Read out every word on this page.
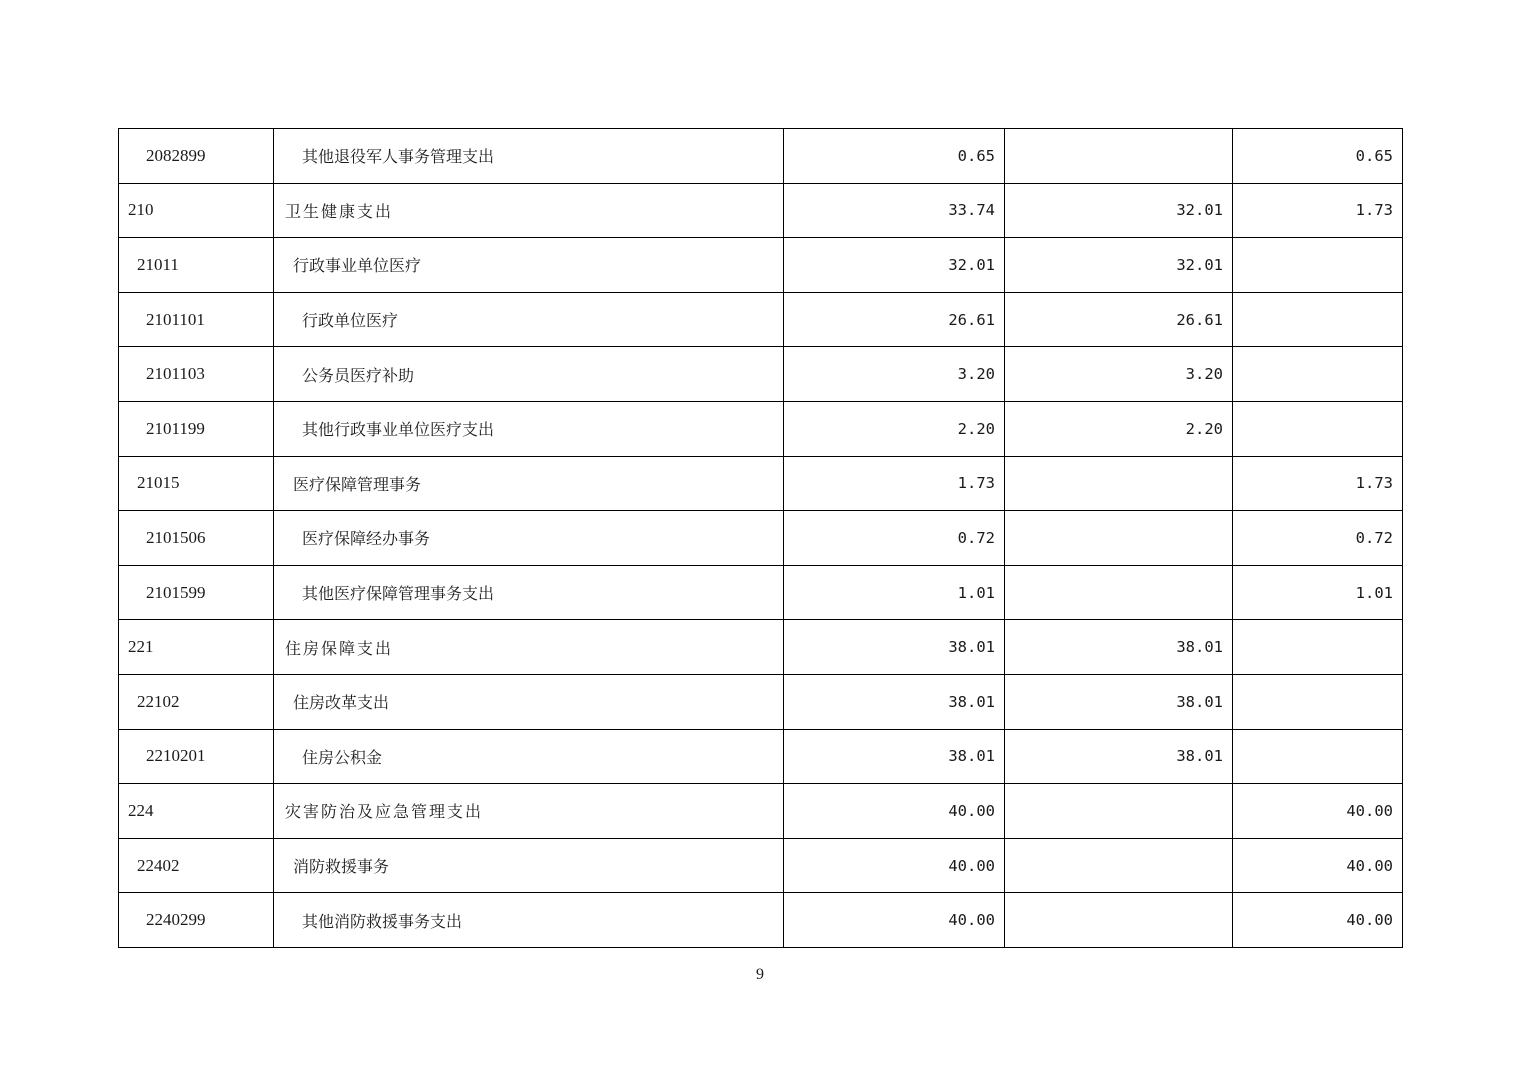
2082899	其他退役军人事务管理支出	0.65		0.65
210	卫生健康支出	33.74	32.01	1.73
21011	行政事业单位医疗	32.01	32.01	
2101101	行政单位医疗	26.61	26.61	
2101103	公务员医疗补助	3.20	3.20	
2101199	其他行政事业单位医疗支出	2.20	2.20	
21015	医疗保障管理事务	1.73		1.73
2101506	医疗保障经办事务	0.72		0.72
2101599	其他医疗保障管理事务支出	1.01		1.01
221	住房保障支出	38.01	38.01	
22102	住房改革支出	38.01	38.01	
2210201	住房公积金	38.01	38.01	
224	灾害防治及应急管理支出	40.00		40.00
22402	消防救援事务	40.00		40.00
2240299	其他消防救援事务支出	40.00		40.00
9
